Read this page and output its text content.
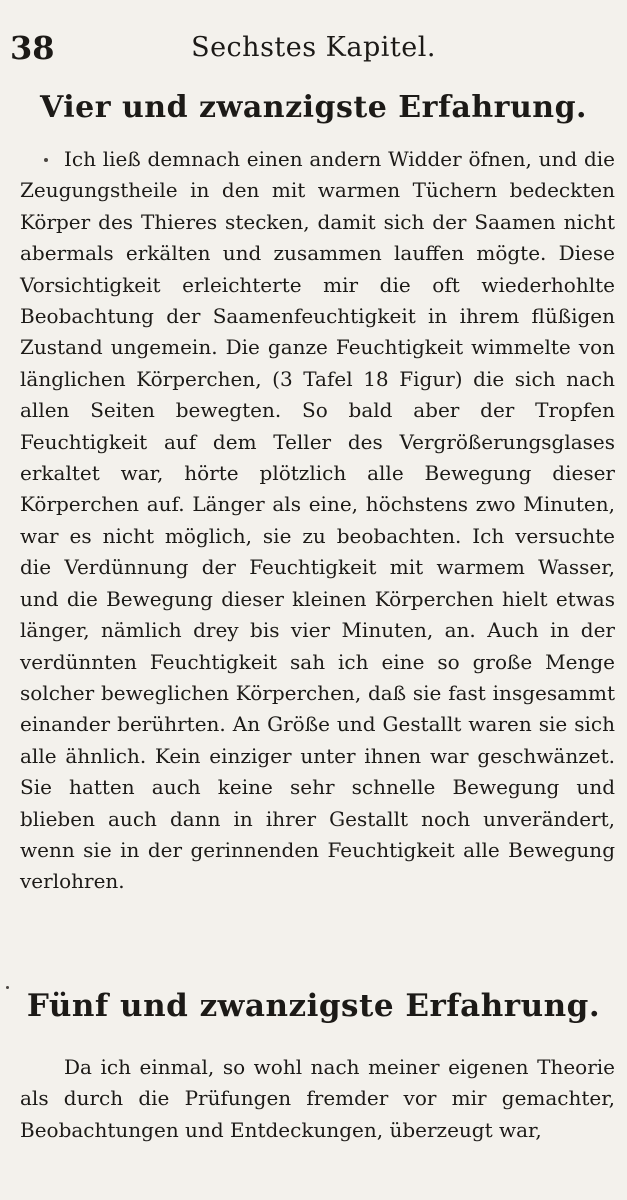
38	Sechstes Kapitel.
Vier und zwanzigste Erfahrung.

Ich ließ demnach einen andern Widder öfnen, und die Zeugungstheile in den mit warmen Tüchern bedeckten Körper des Thieres stecken, damit sich der Saamen nicht abermals erkälten und zusammen lauffen mögte. Diese Vorsichtigkeit erleichterte mir die oft wiederhohlte Beobachtung der Saamenfeuchtigkeit in ihrem flüßigen Zustand ungemein. Die ganze Feuchtigkeit wimmelte von länglichen Körperchen, (3 Tafel 18 Figur) die sich nach allen Seiten bewegten. So bald aber der Tropfen Feuchtigkeit auf dem Teller des Vergrößerungsglases erkaltet war, hörte plötzlich alle Bewegung dieser Körperchen auf. Länger als eine, höchstens zwo Minuten, war es nicht möglich, sie zu beobachten. Ich versuchte die Verdünnung der Feuchtigkeit mit warmem Wasser, und die Bewegung dieser kleinen Körperchen hielt etwas länger, nämlich drey bis vier Minuten, an. Auch in der verdünnten Feuchtigkeit sah ich eine so große Menge solcher beweglichen Körperchen, daß sie fast insgesammt einander berührten. An Größe und Gestallt waren sie sich alle ähnlich. Kein einziger unter ihnen war geschwänzet. Sie hatten auch keine sehr schnelle Bewegung und blieben auch dann in ihrer Gestallt noch unverändert, wenn sie in der gerinnenden Feuchtigkeit alle Bewegung verlohren.

Fünf und zwanzigste Erfahrung.

Da ich einmal, so wohl nach meiner eigenen Theorie als durch die Prüfungen fremder vor mir gemachter, Beobachtungen und Entdeckungen, überzeugt war,
